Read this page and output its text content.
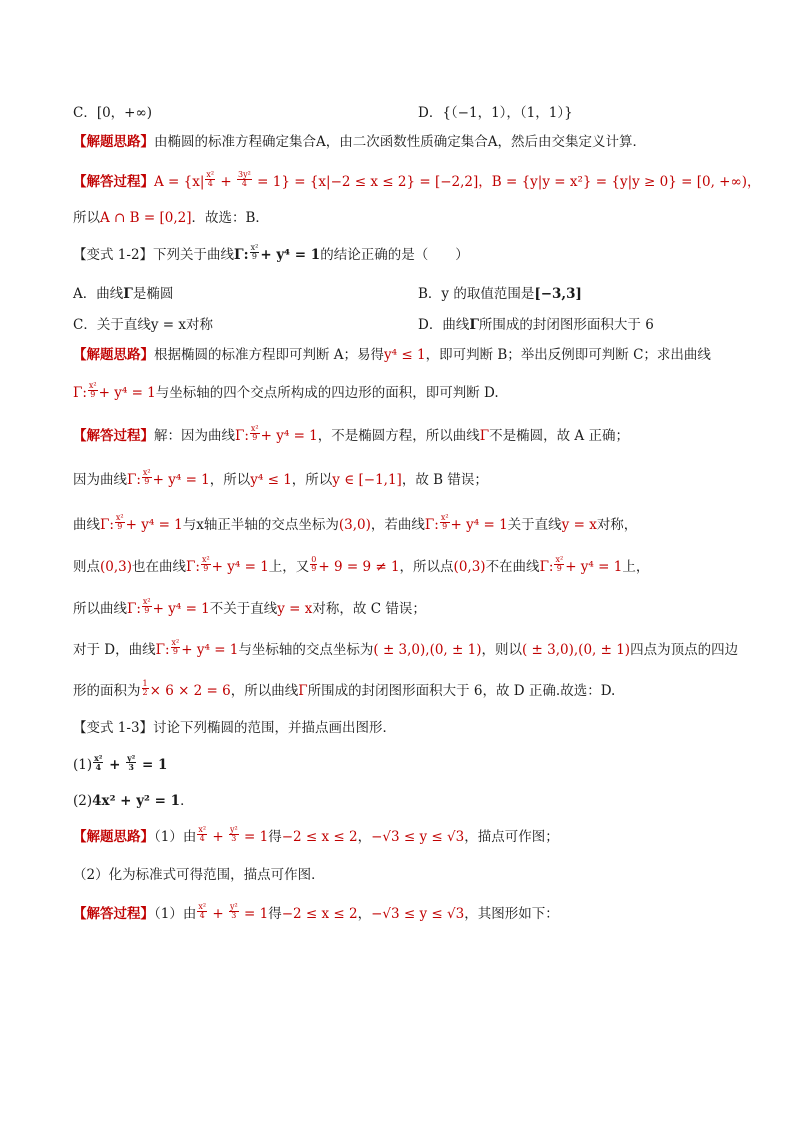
C．[0，+∞)	D．{（−1，1），（1，1）}
【解题思路】由椭圆的标准方程确定集合A，由二次函数性质确定集合A，然后由交集定义计算．
【解答过程】$A = \{x| \frac{\text{x²}}{4} + \frac{\text{3y²}}{4} = 1\} = \{x|-2 \le x \le 2\} = [-2,2]$，B = {y|y = x²} = {y|y ≥ 0} = [0, +∞)，
所以A ∩ B = [0,2]．故选：B．
【变式 1-2】下列关于曲线Γ: $\frac{\text{x²}}{9} + y^4 = 1$的结论正确的是（　　）
A．曲线Γ是椭圆	B．y 的取值范围是[−3,3]
C．关于直线y = x对称	D．曲线Γ所围成的封闭图形面积大于 6
【解题思路】根据椭圆的标准方程即可判断 A；易得y⁴ ≤ 1，即可判断 B；举出反例即可判断 C；求出曲线
Γ: $\frac{\text{x²}}{9} + y^4 = 1$与坐标轴的四个交点所构成的四边形的面积，即可判断 D.
【解答过程】解：因为曲线Γ: $\frac{\text{x²}}{9} + y^4 = 1$，不是椭圆方程，所以曲线Γ不是椭圆，故 A 正确；
因为曲线Γ: $\frac{\text{x²}}{9} + y^4 = 1$，所以y⁴ ≤ 1，所以y ∈ [−1,1]，故 B 错误；
曲线Γ: $\frac{\text{x²}}{9} + y^4 = 1$与x轴正半轴的交点坐标为(3,0)，若曲线Γ: $\frac{\text{x²}}{9} + y^4 = 1$关于直线y = x对称，
则点(0,3)也在曲线Γ: $\frac{\text{x²}}{9} + y^4 = 1$上，又 $\frac{0}{9} + 9 = 9 \ne 1$，所以点(0,3)不在曲线Γ: $\frac{\text{x²}}{9} + y^4 = 1$上，
所以曲线Γ: $\frac{\text{x²}}{9} + y^4 = 1$不关于直线y = x对称，故 C 错误；
对于 D，曲线Γ: $\frac{\text{x²}}{9} + y^4 = 1$与坐标轴的交点坐标为( ± 3,0),(0, ± 1)，则以( ± 3,0),(0, ± 1)四点为顶点的四边
形的面积为 $\frac{1}{2} \times 6 \times 2 = 6$，所以曲线Γ所围成的封闭图形面积大于 6，故 D 正确.故选：D.
【变式 1-3】讨论下列椭圆的范围，并描点画出图形．
$(1) \frac{\text{x²}}{4} + \frac{\text{y²}}{3} = 1$
(2)4x² + y² = 1．
【解题思路】（1）由 $\frac{\text{x²}}{4} + \frac{\text{y²}}{3} = 1$得−2 ≤ x ≤ 2，−√3 ≤ y ≤ √3，描点可作图；
（2）化为标准式可得范围，描点可作图．
【解答过程】（1）由 $\frac{\text{x²}}{4} + \frac{\text{y²}}{3} = 1$得−2 ≤ x ≤ 2，−√3 ≤ y ≤ √3，其图形如下：
